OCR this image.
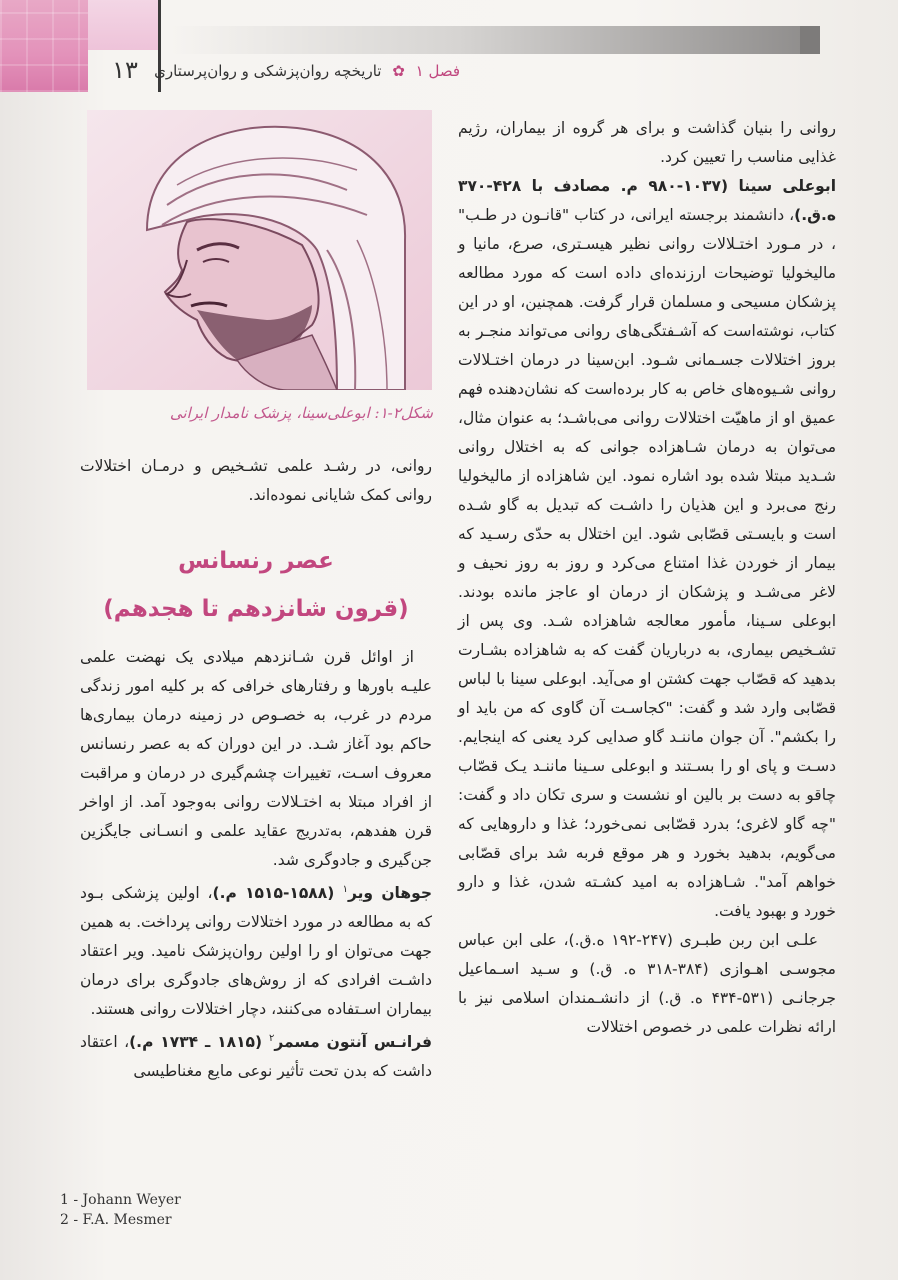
۱۳	فصل ۱ ✿ تاریخچه روان‌پزشکی و روان‌پرستاری
شکل۲-۱: ابوعلی‌سینا، پزشک نامدار ایرانی

روانی را بنیان گذاشت و برای هر گروه از بیماران، رژیم غذایی مناسب را تعیین کرد.

ابوعلی سینا (۱۰۳۷-۹۸۰ م. مصادف با ۴۲۸-۳۷۰ ه.ق.)، دانشمند برجسته ایرانی، در کتاب "قانـون در طـب" ، در مـورد اختـلالات روانی نظیر هیسـتری، صرع، مانیا و مالیخولیا توضیحات ارزنده‌ای داده است که مورد مطالعه پزشکان مسیحی و مسلمان قرار گرفت. همچنین، او در این کتاب، نوشته‌است که آشـفتگی‌های روانی می‌تواند منجـر به بروز اختلالات جسـمانی شـود. ابن‌سینا در درمان اختـلالات روانی شـیوه‌های خاص به کار برده‌است که نشان‌دهنده فهم عمیق او از ماهیّت اختلالات روانی می‌باشـد؛ به عنوان مثال، می‌توان به درمان شـاهزاده جوانی که به اختلال روانی شـدید مبتلا شده بود اشاره نمود. این شاهزاده از مالیخولیا رنج می‌برد و این هذیان را داشـت که تبدیل به گاو شـده است و بایسـتی قصّابی شود. این اختلال به حدّی رسـید که بیمار از خوردن غذا امتناع می‌کرد و روز به روز نحیف و لاغر می‌شـد و پزشکان از درمان او عاجز مانده بودند. ابوعلی سـینا، مأمور معالجه شاهزاده شـد. وی پس از تشـخیص بیماری، به درباریان گفت که به شاهزاده بشـارت بدهید که قصّاب جهت کشتن او می‌آید. ابوعلی سینا با لباس قصّابی وارد شد و گفت: "کجاسـت آن گاوی که من باید او را بکشم". آن جوان ماننـد گاو صدایی کرد یعنی که اینجایم. دسـت و پای او را بسـتند و ابوعلی سـینا ماننـد یـک قصّاب چاقو به دست بر بالین او نشست و سری تکان داد و گفت: "چه گاو لاغری؛ بدرد قصّابی نمی‌خورد؛ غذا و داروهایی که می‌گویم، بدهید بخورد و هر موقع فربه شد برای قصّابی خواهم آمد". شـاهزاده به امید کشـته شدن، غذا و دارو خورد و بهبود یافت.

علـی ابن ربن طبـری (۲۴۷-۱۹۲ ه.ق.)، علی ابن عباس مجوسـی اهـوازی (۳۸۴-۳۱۸ ه. ق.) و سـید اسـماعیل جرجانـی (۵۳۱-۴۳۴ ه. ق.) از دانشـمندان اسلامی نیز با ارائه نظرات علمی در خصوص اختلالات

روانی، در رشـد علمی تشـخیص و درمـان اختلالات روانی کمک شایانی نموده‌اند.
عصر رنسانس
(قرون شانزدهم تا هجدهم)

از اوائل قرن شـانزدهم میلادی یک نهضت علمی علیـه باورها و رفتارهای خرافی که بر کلیه امور زندگی مردم در غرب، به خصـوص در زمینه درمان بیماری‌ها حاکم بود آغاز شـد. در این دوران که به عصر رنسانس معروف اسـت، تغییرات چشم‌گیری در درمان و مراقبت از افراد مبتلا به اختـلالات روانی به‌وجود آمد. از اواخر قرن هفدهم، به‌تدریج عقاید علمی و انسـانی جایگزین جن‌گیری و جادوگری شد.

جوهان ویر$^۱$ (۱۵۸۸-۱۵۱۵ م.)، اولین پزشکی بـود که به مطالعه در مورد اختلالات روانی پرداخت. به همین جهت می‌توان او را اولین روان‌پزشک نامید. ویر اعتقاد داشـت افرادی که از روش‌های جادوگری برای درمان بیماران اسـتفاده می‌کنند، دچار اختلالات روانی هستند.

فرانـس آنتون مسمر$^۲$ (۱۸۱۵ ـ ۱۷۳۴ م.)، اعتقاد داشت که بدن تحت تأثیر نوعی مایع مغناطیسی

1 - Johann Weyer
2 - F.A. Mesmer
